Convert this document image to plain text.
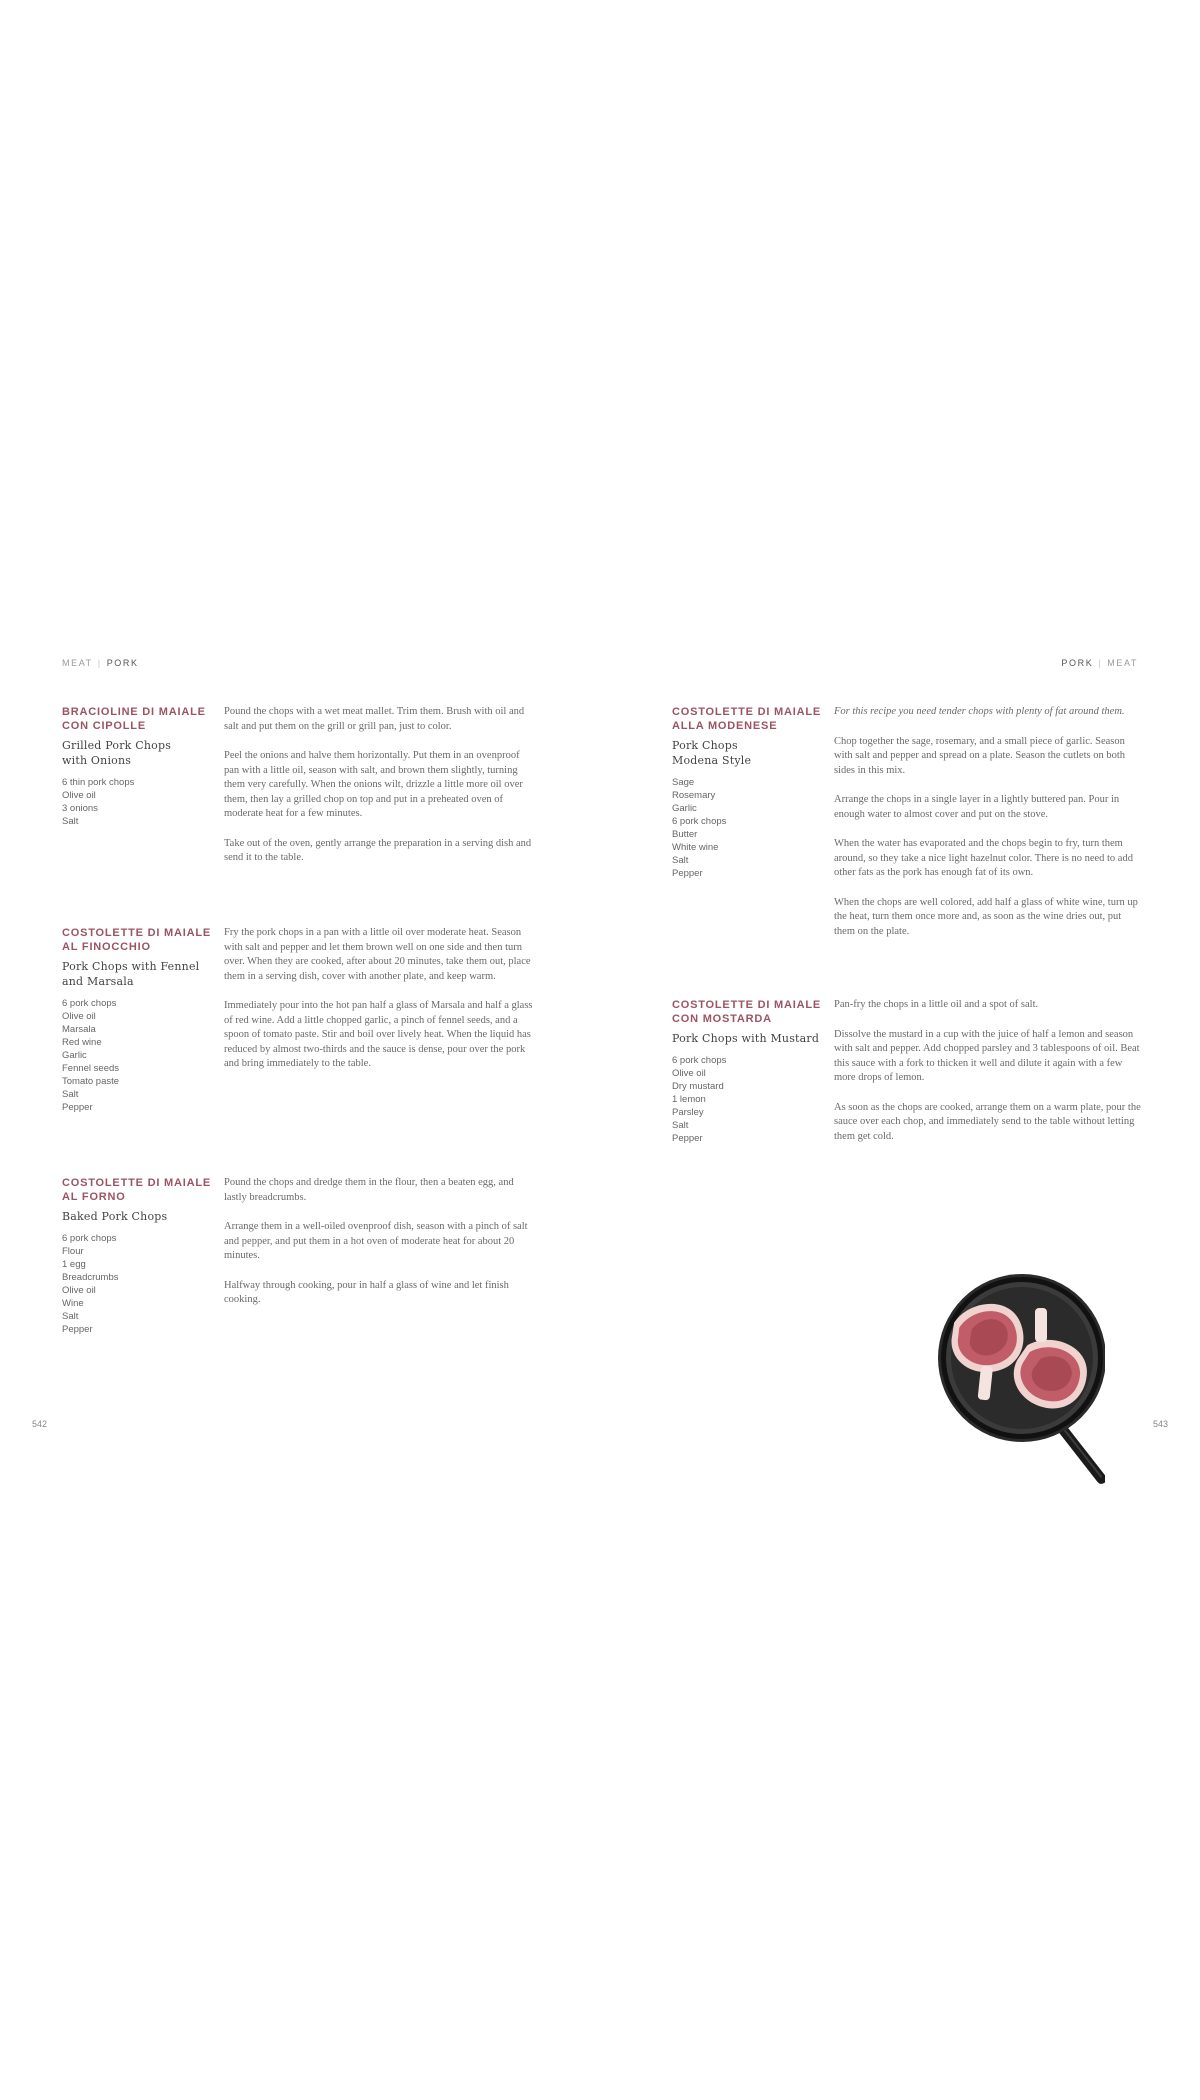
MEAT | PORK
BRACIOLINE DI MAIALE
CON CIPOLLE
Grilled Pork Chops
with Onions
6 thin pork chops
Olive oil
3 onions
Salt

Pound the chops with a wet meat mallet. Trim them. Brush with oil and salt and put them on the grill or grill pan, just to color.

Peel the onions and halve them horizontally. Put them in an ovenproof pan with a little oil, season with salt, and brown them slightly, turning them very carefully. When the onions wilt, drizzle a little more oil over them, then lay a grilled chop on top and put in a preheated oven of moderate heat for a few minutes.

Take out of the oven, gently arrange the preparation in a serving dish and send it to the table.

COSTOLETTE DI MAIALE
AL FINOCCHIO
Pork Chops with Fennel
and Marsala
6 pork chops
Olive oil
Marsala
Red wine
Garlic
Fennel seeds
Tomato paste
Salt
Pepper

Fry the pork chops in a pan with a little oil over moderate heat. Season with salt and pepper and let them brown well on one side and then turn over. When they are cooked, after about 20 minutes, take them out, place them in a serving dish, cover with another plate, and keep warm.

Immediately pour into the hot pan half a glass of Marsala and half a glass of red wine. Add a little chopped garlic, a pinch of fennel seeds, and a spoon of tomato paste. Stir and boil over lively heat. When the liquid has reduced by almost two-thirds and the sauce is dense, pour over the pork and bring immediately to the table.

COSTOLETTE DI MAIALE
AL FORNO
Baked Pork Chops
6 pork chops
Flour
1 egg
Breadcrumbs
Olive oil
Wine
Salt
Pepper

Pound the chops and dredge them in the flour, then a beaten egg, and lastly breadcrumbs.

Arrange them in a well-oiled ovenproof dish, season with a pinch of salt and pepper, and put them in a hot oven of moderate heat for about 20 minutes.

Halfway through cooking, pour in half a glass of wine and let finish cooking.

542
PORK | MEAT
COSTOLETTE DI MAIALE
ALLA MODENESE
Pork Chops
Modena Style
Sage
Rosemary
Garlic
6 pork chops
Butter
White wine
Salt
Pepper

For this recipe you need tender chops with plenty of fat around them.

Chop together the sage, rosemary, and a small piece of garlic. Season with salt and pepper and spread on a plate. Season the cutlets on both sides in this mix.

Arrange the chops in a single layer in a lightly buttered pan. Pour in enough water to almost cover and put on the stove.

When the water has evaporated and the chops begin to fry, turn them around, so they take a nice light hazelnut color. There is no need to add other fats as the pork has enough fat of its own.

When the chops are well colored, add half a glass of white wine, turn up the heat, turn them once more and, as soon as the wine dries out, put them on the plate.

COSTOLETTE DI MAIALE
CON MOSTARDA
Pork Chops with Mustard
6 pork chops
Olive oil
Dry mustard
1 lemon
Parsley
Salt
Pepper

Pan-fry the chops in a little oil and a spot of salt.

Dissolve the mustard in a cup with the juice of half a lemon and season with salt and pepper. Add chopped parsley and 3 tablespoons of oil. Beat this sauce with a fork to thicken it well and dilute it again with a few more drops of lemon.

As soon as the chops are cooked, arrange them on a warm plate, pour the sauce over each chop, and immediately send to the table without letting them get cold.

543
